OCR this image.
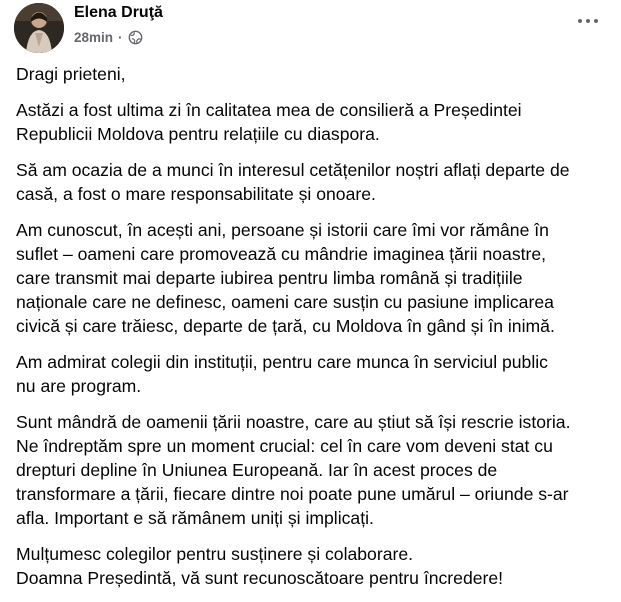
Elena Druţă
28min ·

Dragi prieteni,

Astăzi a fost ultima zi în calitatea mea de consilieră a Președintei
Republicii Moldova pentru relațiile cu diaspora.

Să am ocazia de a munci în interesul cetățenilor noștri aflați departe de
casă, a fost o mare responsabilitate și onoare.

Am cunoscut, în acești ani, persoane și istorii care îmi vor rămâne în
suflet – oameni care promovează cu mândrie imaginea țării noastre,
care transmit mai departe iubirea pentru limba română și tradițiile
naționale care ne definesc, oameni care susțin cu pasiune implicarea
civică și care trăiesc, departe de țară, cu Moldova în gând și în inimă.

Am admirat colegii din instituții, pentru care munca în serviciul public
nu are program.

Sunt mândră de oamenii țării noastre, care au știut să își rescrie istoria.
Ne îndreptăm spre un moment crucial: cel în care vom deveni stat cu
drepturi depline în Uniunea Europeană. Iar în acest proces de
transformare a țării, fiecare dintre noi poate pune umărul – oriunde s-ar
afla. Important e să rămânem uniți și implicați.

Mulțumesc colegilor pentru susținere și colaborare.
Doamna Președintă, vă sunt recunoscătoare pentru încredere!
